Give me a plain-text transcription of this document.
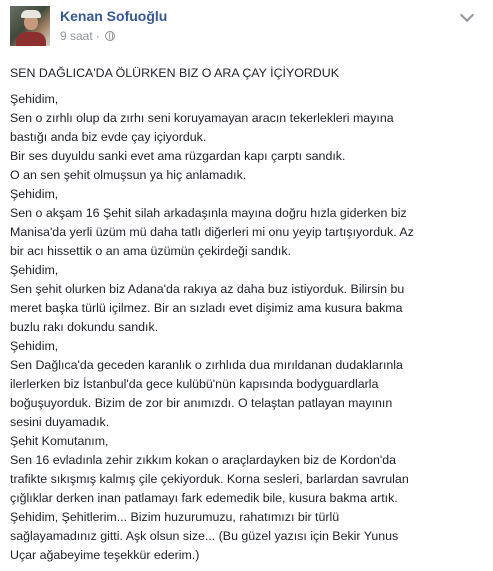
Kenan Sofuoğlu
9 saat ·

SEN DAĞLICA'DA ÖLÜRKEN BIZ O ARA ÇAY İÇİYORDUK

Şehidim,

Sen o zırhlı olup da zırhı seni koruyamayan aracın tekerlekleri mayına

bastığı anda biz evde çay içiyorduk.

Bir ses duyuldu sanki evet ama rüzgardan kapı çarptı sandık.

O an sen şehit olmuşsun ya hiç anlamadık.

Şehidim,

Sen o akşam 16 Şehit silah arkadaşınla mayına doğru hızla giderken biz

Manisa'da yerli üzüm mü daha tatlı diğerleri mi onu yeyip tartışıyorduk. Az

bir acı hissettik o an ama üzümün çekirdeği sandık.

Şehidim,

Sen şehit olurken biz Adana'da rakıya az daha buz istiyorduk. Bilirsin bu

meret başka türlü içilmez. Bir an sızladı evet dişimiz ama kusura bakma

buzlu rakı dokundu sandık.

Şehidim,

Sen Dağlıca'da geceden karanlık o zırhlıda dua mırıldanan dudaklarınla

ilerlerken biz İstanbul'da gece kulübü'nün kapısında bodyguardlarla

boğuşuyorduk. Bizim de zor bir anımızdı. O telaştan patlayan mayının

sesini duyamadık.

Şehit Komutanım,

Sen 16 evladınla zehir zıkkım kokan o araçlardayken biz de Kordon'da

trafikte sıkışmış kalmış çile çekiyorduk. Korna sesleri, barlardan savrulan

çığlıklar derken inan patlamayı fark edemedik bile, kusura bakma artık.

Şehidim, Şehitlerim... Bizim huzurumuzu, rahatımızı bir türlü

sağlayamadınız gitti. Aşk olsun size... (Bu güzel yazısı için Bekir Yunus

Uçar ağabeyime teşekkür ederim.)
